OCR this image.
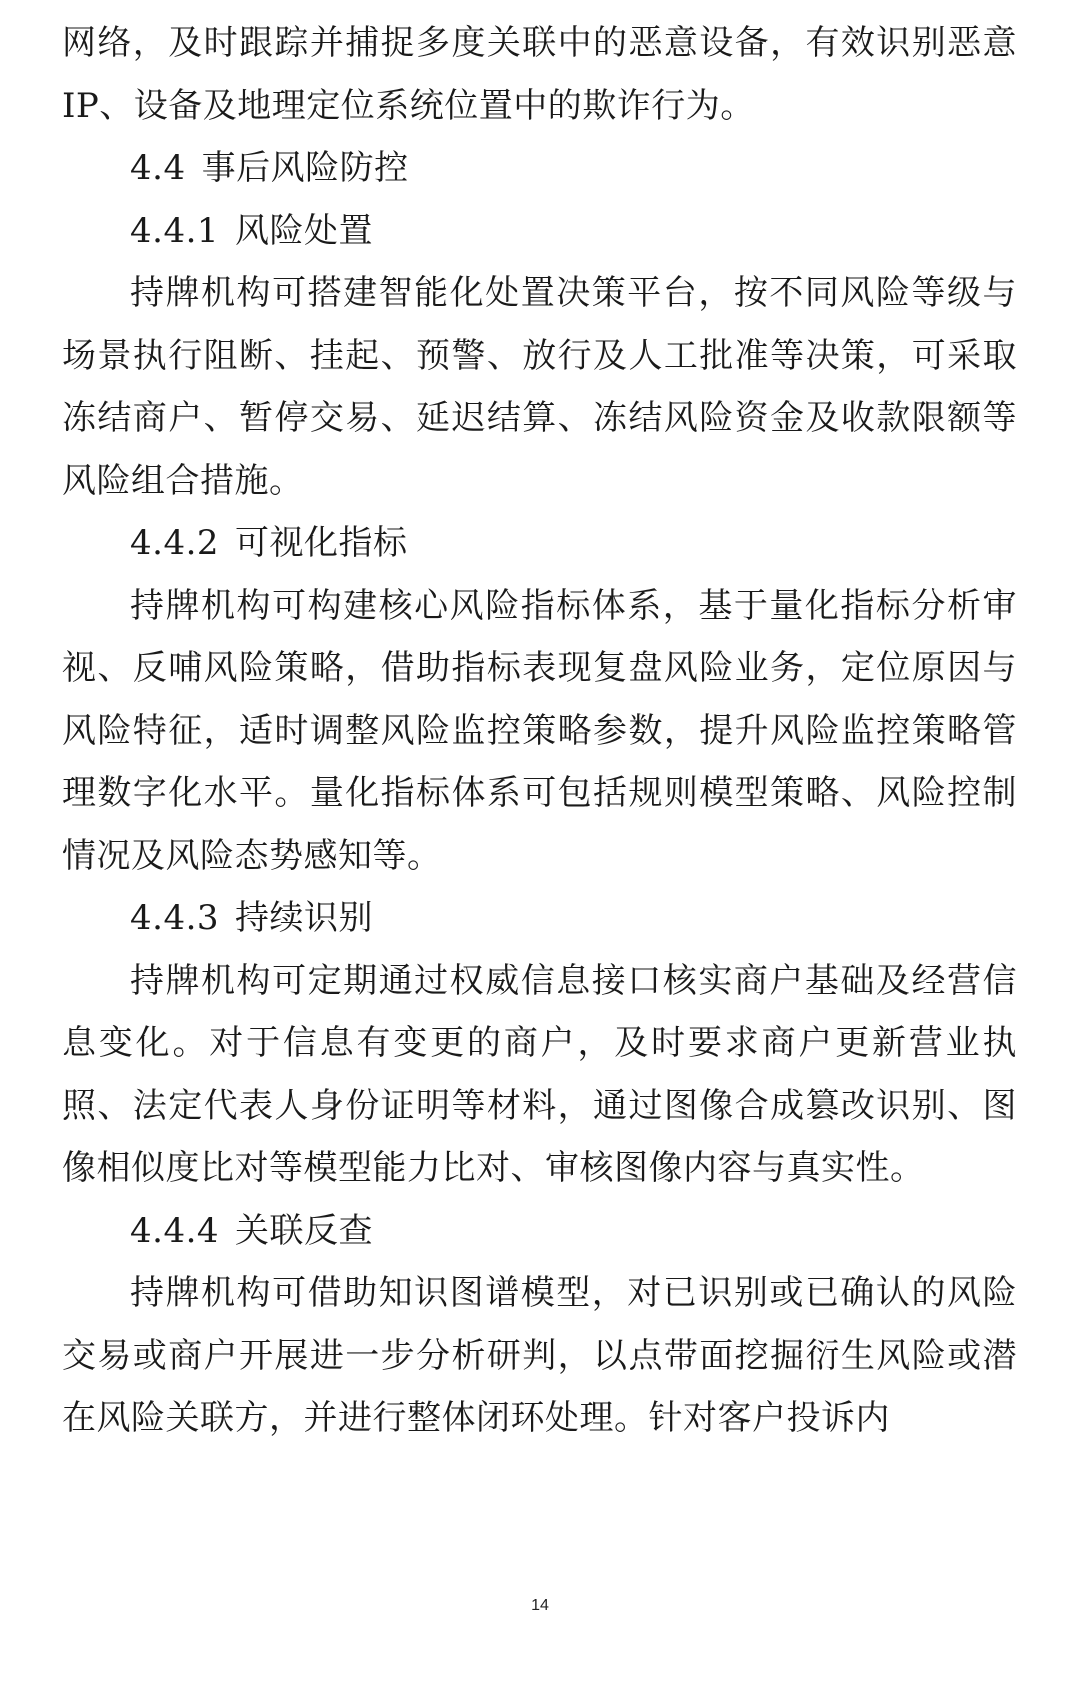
网络，及时跟踪并捕捉多度关联中的恶意设备，有效识别恶意 IP、设备及地理定位系统位置中的欺诈行为。

4.4 事后风险防控
4.4.1 风险处置

持牌机构可搭建智能化处置决策平台，按不同风险等级与场景执行阻断、挂起、预警、放行及人工批准等决策，可采取冻结商户、暂停交易、延迟结算、冻结风险资金及收款限额等风险组合措施。

4.4.2 可视化指标

持牌机构可构建核心风险指标体系，基于量化指标分析审视、反哺风险策略，借助指标表现复盘风险业务，定位原因与风险特征，适时调整风险监控策略参数，提升风险监控策略管理数字化水平。量化指标体系可包括规则模型策略、风险控制情况及风险态势感知等。

4.4.3 持续识别

持牌机构可定期通过权威信息接口核实商户基础及经营信息变化。对于信息有变更的商户，及时要求商户更新营业执照、法定代表人身份证明等材料，通过图像合成篡改识别、图像相似度比对等模型能力比对、审核图像内容与真实性。

4.4.4 关联反查

持牌机构可借助知识图谱模型，对已识别或已确认的风险交易或商户开展进一步分析研判，以点带面挖掘衍生风险或潜在风险关联方，并进行整体闭环处理。针对客户投诉内

14
